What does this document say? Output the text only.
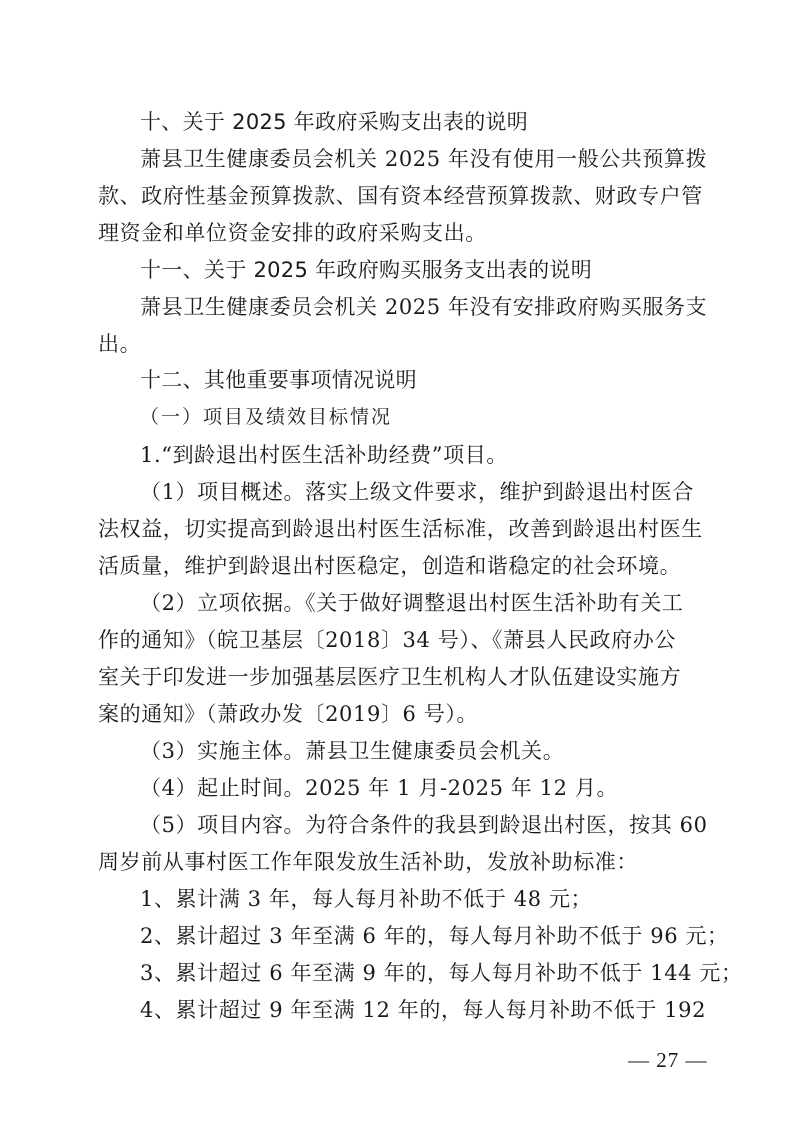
十、关于 2025 年政府采购支出表的说明
萧县卫生健康委员会机关 2025 年没有使用一般公共预算拨
款、政府性基金预算拨款、国有资本经营预算拨款、财政专户管
理资金和单位资金安排的政府采购支出。
十一、关于 2025 年政府购买服务支出表的说明
萧县卫生健康委员会机关 2025 年没有安排政府购买服务支
出。
十二、其他重要事项情况说明
（一）项目及绩效目标情况
1.“到龄退出村医生活补助经费”项目。
（1）项目概述。落实上级文件要求，维护到龄退出村医合
法权益，切实提高到龄退出村医生活标准，改善到龄退出村医生
活质量，维护到龄退出村医稳定，创造和谐稳定的社会环境。
（2）立项依据。《关于做好调整退出村医生活补助有关工
作的通知》（皖卫基层〔2018〕34 号）、《萧县人民政府办公
室关于印发进一步加强基层医疗卫生机构人才队伍建设实施方
案的通知》（萧政办发〔2019〕6 号）。
（3）实施主体。萧县卫生健康委员会机关。
（4）起止时间。2025 年 1 月-2025 年 12 月。
（5）项目内容。为符合条件的我县到龄退出村医，按其 60
周岁前从事村医工作年限发放生活补助，发放补助标准：
1、累计满 3 年，每人每月补助不低于 48 元；
2、累计超过 3 年至满 6 年的，每人每月补助不低于 96 元；
3、累计超过 6 年至满 9 年的，每人每月补助不低于 144 元；
4、累计超过 9 年至满 12 年的，每人每月补助不低于 192
— 27 —
